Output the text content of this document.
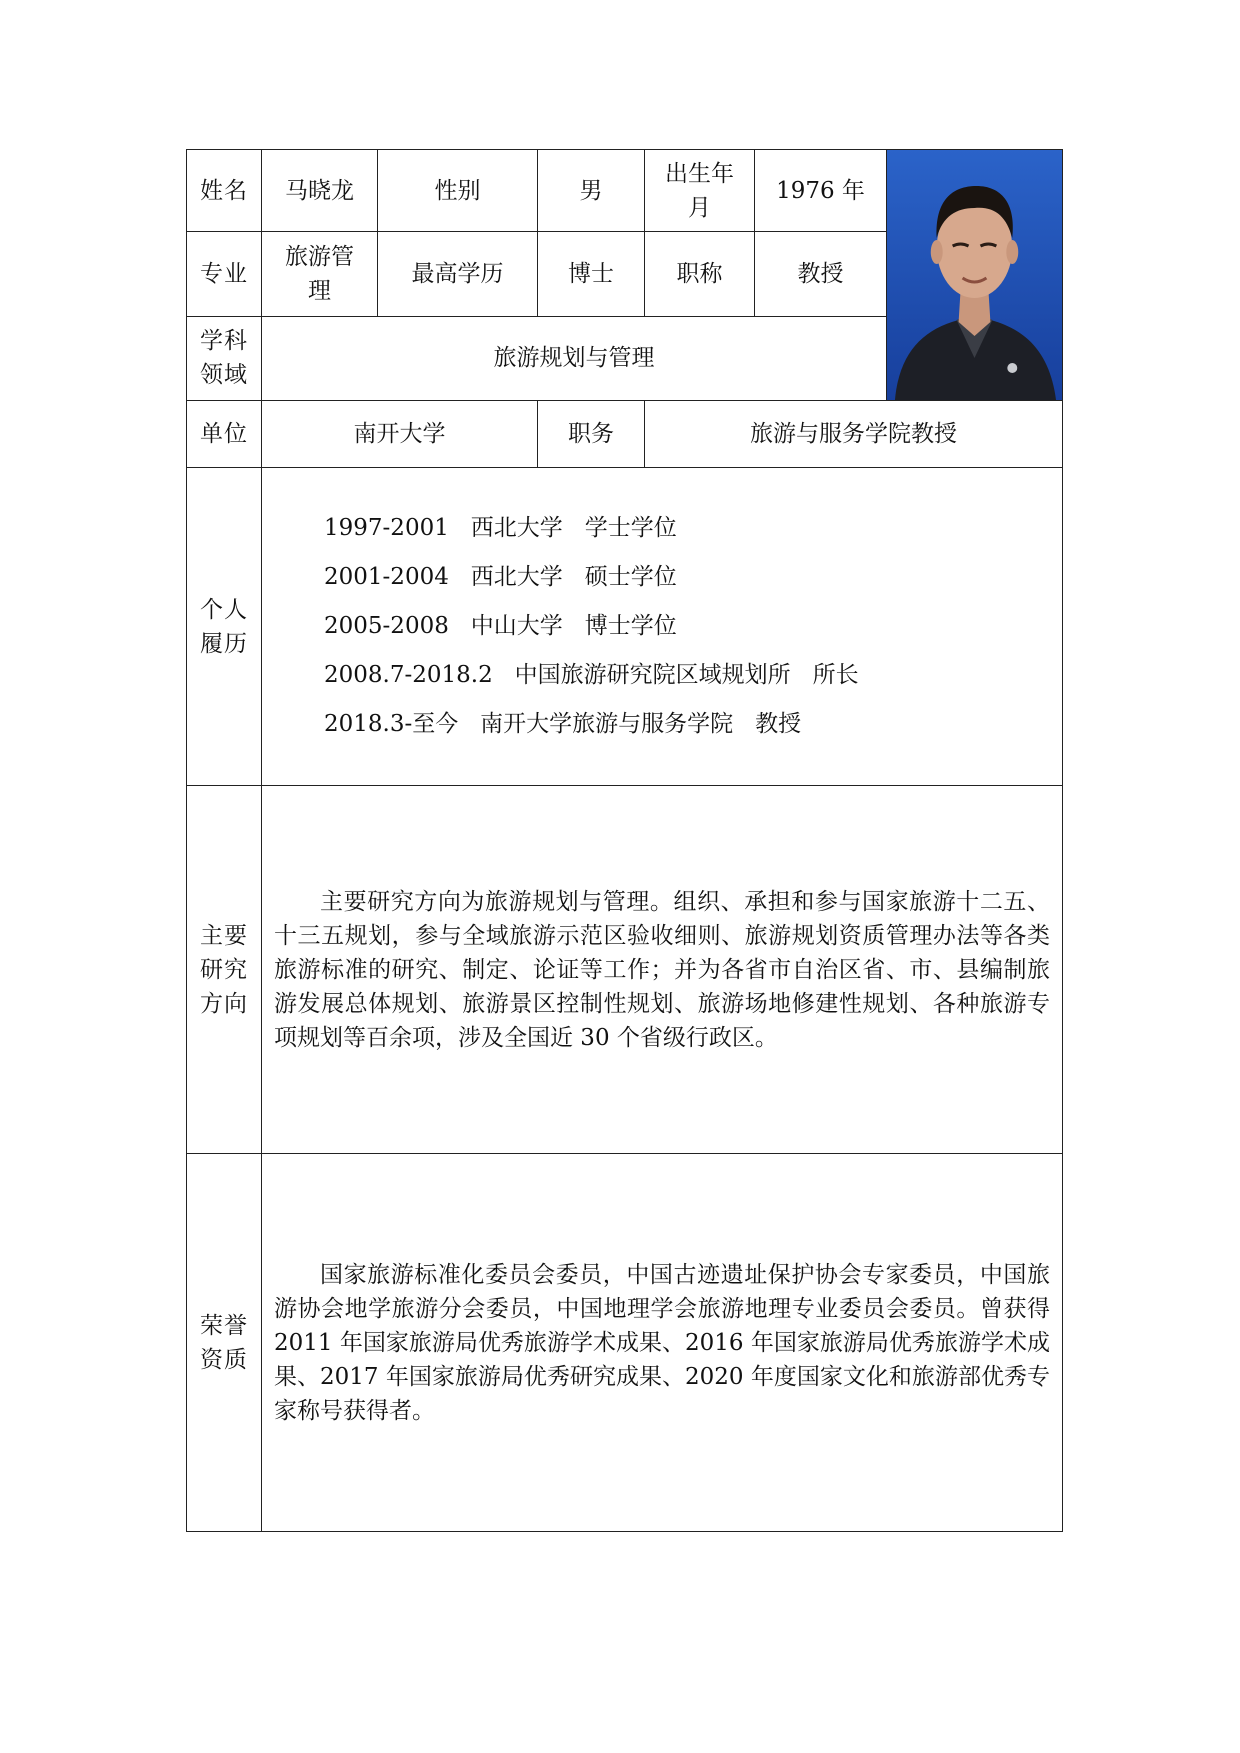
姓名	马晓龙	性别	男	出生年月	1976 年	

专业	旅游管理	最高学历	博士	职称	教授	
学科领域	旅游规划与管理					
单位	南开大学		职务	旅游与服务学院教授		
个人履历	1997-2001   西北大学   学士学位
2001-2004   西北大学   硕士学位
2005-2008   中山大学   博士学位
2008.7-2018.2   中国旅游研究院区域规划所   所长
2018.3-至今   南开大学旅游与服务学院   教授					

主要研究方向	主要研究方向为旅游规划与管理。组织、承担和参与国家旅游十二五、十三五规划，参与全域旅游示范区验收细则、旅游规划资质管理办法等各类旅游标准的研究、制定、论证等工作；并为各省市自治区省、市、县编制旅游发展总体规划、旅游景区控制性规划、旅游场地修建性规划、各种旅游专项规划等百余项，涉及全国近 30 个省级行政区。					

荣誉资质	国家旅游标准化委员会委员，中国古迹遗址保护协会专家委员，中国旅游协会地学旅游分会委员，中国地理学会旅游地理专业委员会委员。曾获得 2011 年国家旅游局优秀旅游学术成果、2016 年国家旅游局优秀旅游学术成果、2017 年国家旅游局优秀研究成果、2020 年度国家文化和旅游部优秀专家称号获得者。					
